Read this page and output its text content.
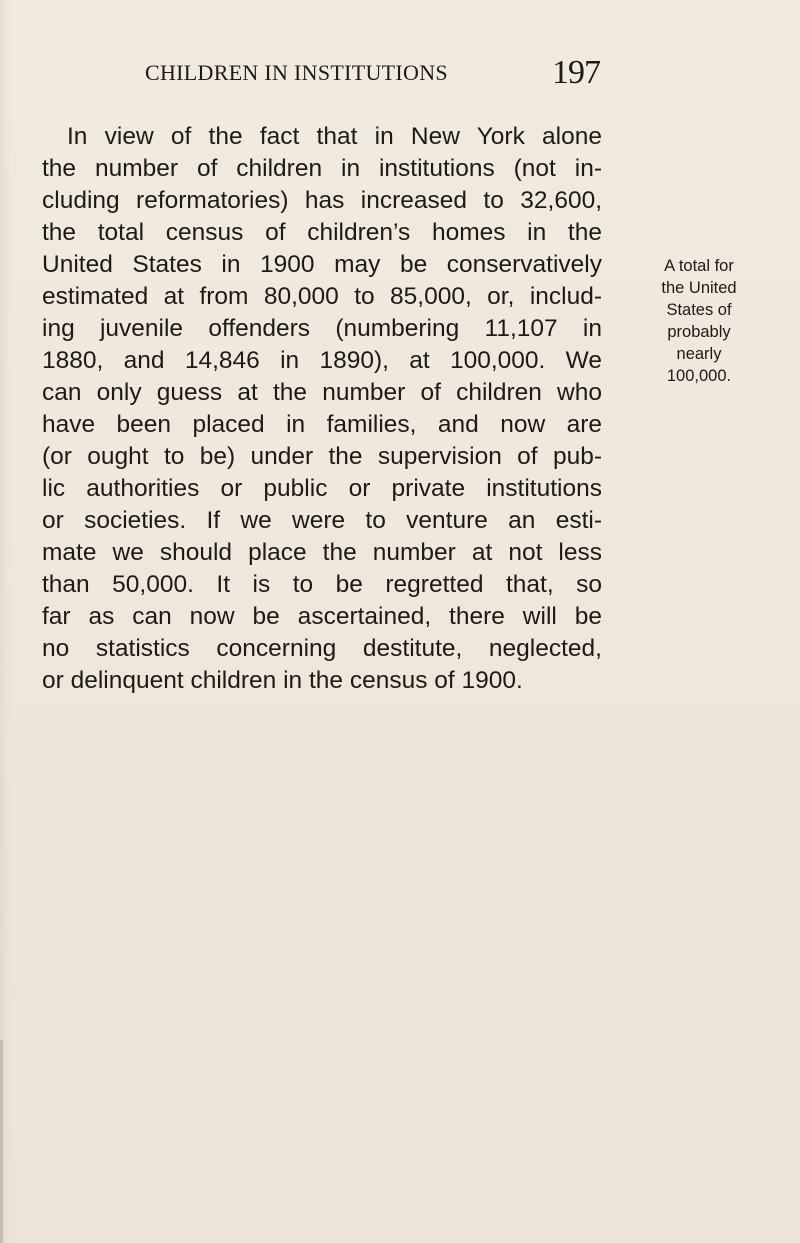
CHILDREN IN INSTITUTIONS	197
In view of the fact that in New York alone
the number of children in institutions (not in-
cluding reformatories) has increased to 32,600,
the total census of children’s homes in the
United States in 1900 may be conservatively
estimated at from 80,000 to 85,000, or, includ-
ing juvenile offenders (numbering 11,107 in
1880, and 14,846 in 1890), at 100,000. We
can only guess at the number of children who
have been placed in families, and now are
(or ought to be) under the supervision of pub-
lic authorities or public or private institutions
or societies. If we were to venture an esti-
mate we should place the number at not less
than 50,000. It is to be regretted that, so
far as can now be ascertained, there will be
no statistics concerning destitute, neglected,
or delinquent children in the census of 1900.
A total for
the United
States of
probably
nearly
100,000.
